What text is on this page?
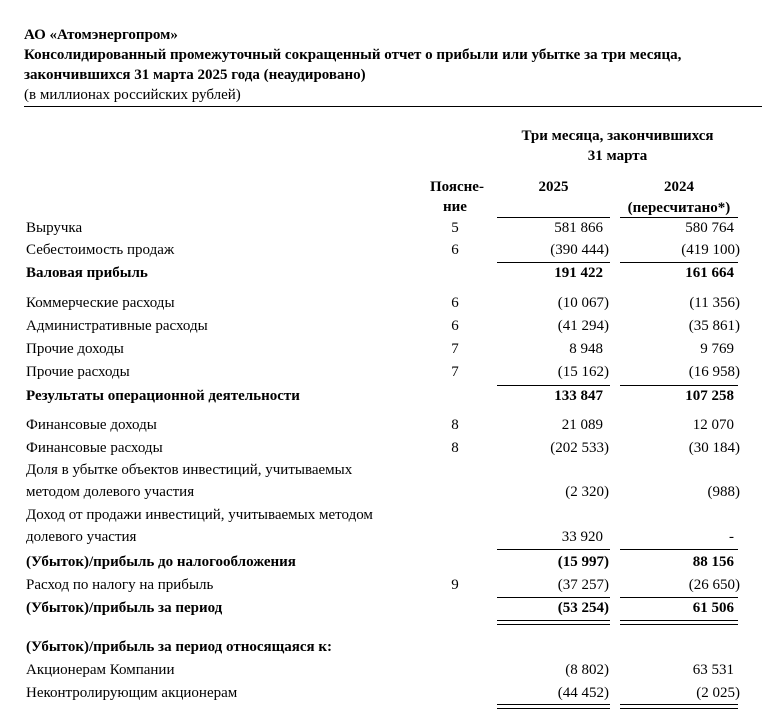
АО «Атомэнергопром»
Консолидированный промежуточный сокращенный отчет о прибыли или убытке за три месяца,
закончившихся 31 марта 2025 года (неаудировано)
(в миллионах российских рублей)
Три месяца, закончившихся
31 марта
Поясне-
ние
2025	2024
(пересчитано*)
Выручка	5	581 866	580 764
Себестоимость продаж	6	(390 444)	(419 100)
Валовая прибыль	191 422	161 664
Коммерческие расходы	6	(10 067)	(11 356)
Административные расходы	6	(41 294)	(35 861)
Прочие доходы	7	8 948	9 769
Прочие расходы	7	(15 162)	(16 958)
Результаты операционной деятельности	133 847	107 258
Финансовые доходы	8	21 089	12 070
Финансовые расходы	8	(202 533)	(30 184)
Доля в убытке объектов инвестиций, учитываемых
методом долевого участия	(2 320)	(988)
Доход от продажи инвестиций, учитываемых методом
долевого участия	33 920	-
(Убыток)/прибыль до налогообложения	(15 997)	88 156
Расход по налогу на прибыль	9	(37 257)	(26 650)
(Убыток)/прибыль за период	(53 254)	61 506
(Убыток)/прибыль за период относящаяся к:
Акционерам Компании	(8 802)	63 531
Неконтролирующим акционерам	(44 452)	(2 025)
